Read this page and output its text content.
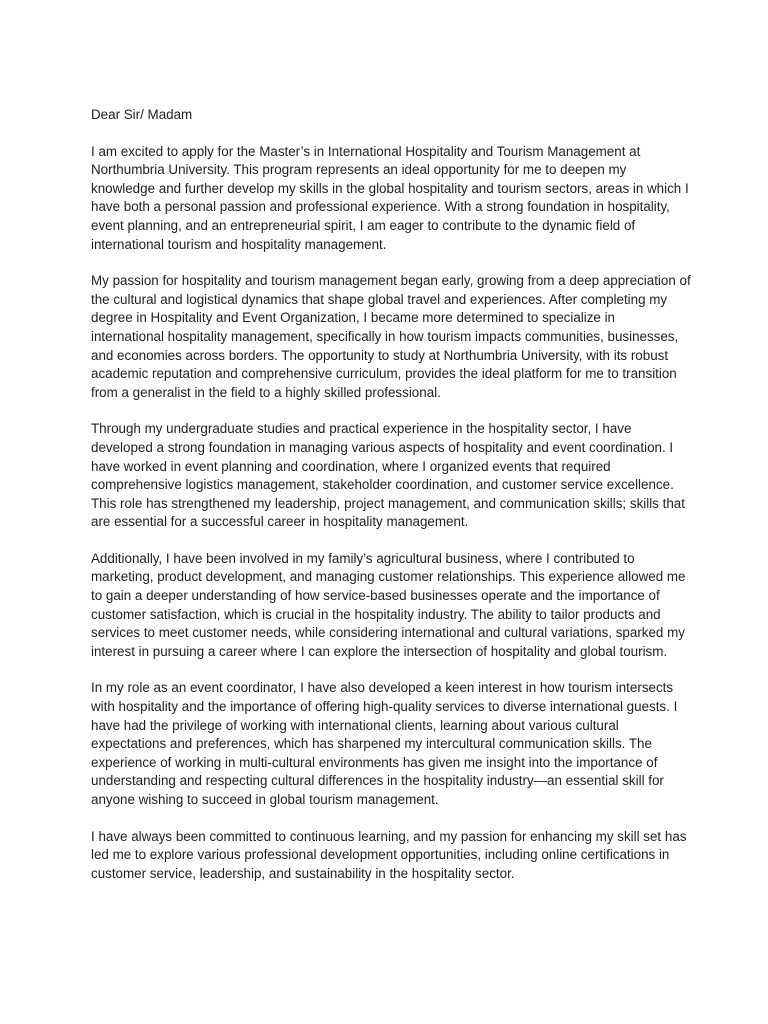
Dear Sir/ Madam

I am excited to apply for the Master’s in International Hospitality and Tourism Management at Northumbria University. This program represents an ideal opportunity for me to deepen my knowledge and further develop my skills in the global hospitality and tourism sectors, areas in which I have both a personal passion and professional experience. With a strong foundation in hospitality, event planning, and an entrepreneurial spirit, I am eager to contribute to the dynamic field of international tourism and hospitality management.

My passion for hospitality and tourism management began early, growing from a deep appreciation of the cultural and logistical dynamics that shape global travel and experiences. After completing my degree in Hospitality and Event Organization, I became more determined to specialize in international hospitality management, specifically in how tourism impacts communities, businesses, and economies across borders. The opportunity to study at Northumbria University, with its robust academic reputation and comprehensive curriculum, provides the ideal platform for me to transition from a generalist in the field to a highly skilled professional.

Through my undergraduate studies and practical experience in the hospitality sector, I have developed a strong foundation in managing various aspects of hospitality and event coordination. I have worked in event planning and coordination, where I organized events that required comprehensive logistics management, stakeholder coordination, and customer service excellence. This role has strengthened my leadership, project management, and communication skills; skills that are essential for a successful career in hospitality management.

Additionally, I have been involved in my family’s agricultural business, where I contributed to marketing, product development, and managing customer relationships. This experience allowed me to gain a deeper understanding of how service-based businesses operate and the importance of customer satisfaction, which is crucial in the hospitality industry. The ability to tailor products and services to meet customer needs, while considering international and cultural variations, sparked my interest in pursuing a career where I can explore the intersection of hospitality and global tourism.

In my role as an event coordinator, I have also developed a keen interest in how tourism intersects with hospitality and the importance of offering high-quality services to diverse international guests. I have had the privilege of working with international clients, learning about various cultural expectations and preferences, which has sharpened my intercultural communication skills. The experience of working in multi-cultural environments has given me insight into the importance of understanding and respecting cultural differences in the hospitality industry—an essential skill for anyone wishing to succeed in global tourism management.

I have always been committed to continuous learning, and my passion for enhancing my skill set has led me to explore various professional development opportunities, including online certifications in customer service, leadership, and sustainability in the hospitality sector.
